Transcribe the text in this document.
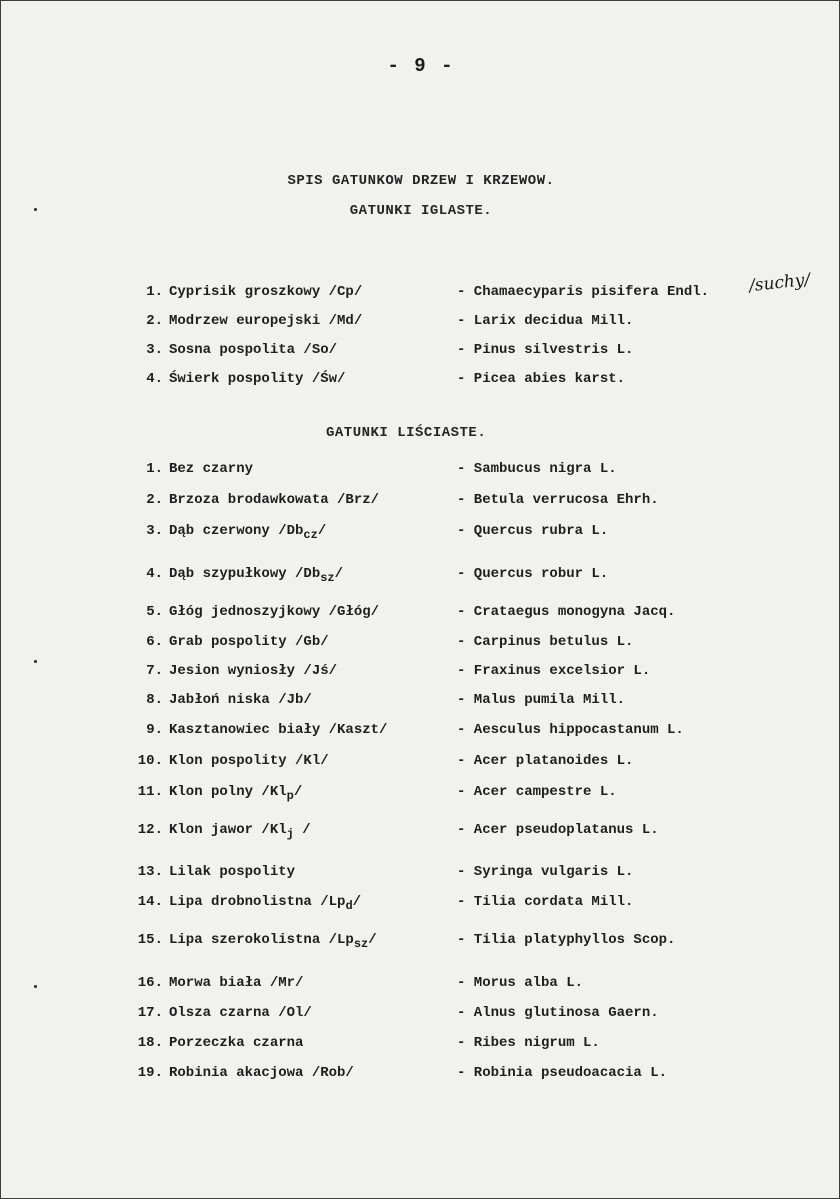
- 9 -
SPIS GATUNKOW DRZEW I KRZEWOW.
GATUNKI IGLASTE.
1. Cyprisik groszkowy /Cp/	- Chamaecyparis pisifera Endl.
2. Modrzew europejski /Md/	- Larix decidua Mill.
3. Sosna pospolita /So/	- Pinus silvestris L.
4. Świerk pospolity /Św/	- Picea abies karst.
/suchy/
GATUNKI LIŚCIASTE.
1. Bez czarny	- Sambucus nigra L.
2. Brzoza brodawkowata /Brz/	- Betula verrucosa Ehrh.
3. Dąb czerwony $/Db_{cz}/$	- Quercus rubra L.
4. Dąb szypułkowy $/Db_{sz}/$	- Quercus robur L.
5. Głóg jednoszyjkowy /Głóg/	- Crataegus monogyna Jacq.
6. Grab pospolity /Gb/	- Carpinus betulus L.
7. Jesion wyniosły /Jś/	- Fraxinus excelsior L.
8. Jabłoń niska /Jb/	- Malus pumila Mill.
9. Kasztanowiec biały /Kaszt/	- Aesculus hippocastanum L.
10. Klon pospolity /Kl/	- Acer platanoides L.
11. Klon polny $/Kl_p/$	- Acer campestre L.
12. Klon jawor $/Kl_j$ /	- Acer pseudoplatanus L.
13. Lilak pospolity	- Syringa vulgaris L.
14. Lipa drobnolistna $/Lp_d/$	- Tilia cordata Mill.
15. Lipa szerokolistna $/Lp_{sz}/$	- Tilia platyphyllos Scop.
16. Morwa biała /Mr/	- Morus alba L.
17. Olsza czarna /Ol/	- Alnus glutinosa Gaern.
18. Porzeczka czarna	- Ribes nigrum L.
19. Robinia akacjowa /Rob/	- Robinia pseudoacacia L.
